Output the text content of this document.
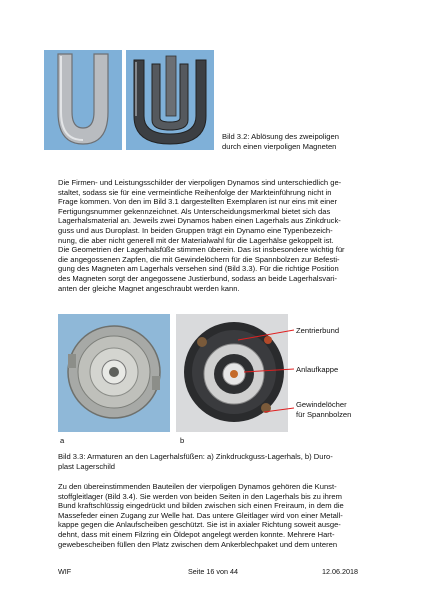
Bild 3.2: Ablösung des zweipoligen
durch einen vierpoligen Magneten
Die Firmen- und Leistungsschilder der vierpoligen Dynamos sind unterschiedlich ge-
staltet, sodass sie für eine vermeintliche Reihenfolge der Markteinführung nicht in
Frage kommen. Von den im Bild 3.1 dargestellten Exemplaren ist nur eins mit einer
Fertigungsnummer gekennzeichnet. Als Unterscheidungsmerkmal bietet sich das
Lagerhalsmaterial an. Jeweils zwei Dynamos haben einen Lagerhals aus Zinkdruck-
guss und aus Duroplast. In beiden Gruppen trägt ein Dynamo eine Typenbezeich-
nung, die aber nicht generell mit der Materialwahl für die Lagerhälse gekoppelt ist.
Die Geometrien der Lagerhalsfüße stimmen überein. Das ist insbesondere wichtig für
die angegossenen Zapfen, die mit Gewindelöchern für die Spannbolzen zur Befesti-
gung des Magneten am Lagerhals versehen sind (Bild 3.3). Für die richtige Position
des Magneten sorgt der angegossene Justierbund, sodass an beide Lagerhalsvari-
anten der gleiche Magnet angeschraubt werden kann.
Zentrierbund
Anlaufkappe
Gewindelöcher
für Spannbolzen
a	b
Bild 3.3: Armaturen an den Lagerhalsfüßen: a) Zinkdruckguss-Lagerhals, b) Duro-
plast Lagerschild
Zu den übereinstimmenden Bauteilen der vierpoligen Dynamos gehören die Kunst-
stoffgleitlager (Bild 3.4). Sie werden von beiden Seiten in den Lagerhals bis zu ihrem
Bund kraftschlüssig eingedrückt und bilden zwischen sich einen Freiraum, in dem die
Massefeder einen Zugang zur Welle hat. Das untere Gleitlager wird von einer Metall-
kappe gegen die Anlaufscheiben geschützt. Sie ist in axialer Richtung soweit ausge-
dehnt, dass mit einem Filzring ein Öldepot angelegt werden konnte. Mehrere Hart-
gewebescheiben füllen den Platz zwischen dem Ankerblechpaket und dem unteren
WIF	Seite 16 von 44	12.06.2018
